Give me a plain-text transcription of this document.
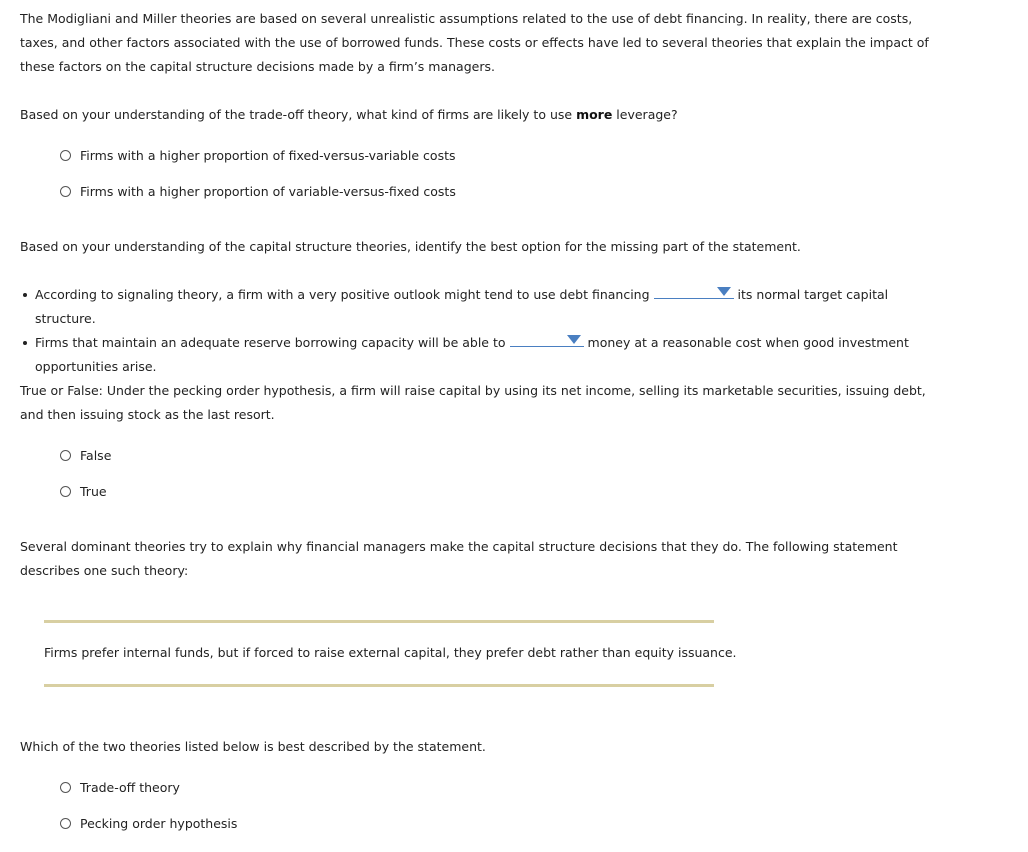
The Modigliani and Miller theories are based on several unrealistic assumptions related to the use of debt financing. In reality, there are costs, taxes, and other factors associated with the use of borrowed funds. These costs or effects have led to several theories that explain the impact of these factors on the capital structure decisions made by a firm’s managers.
Based on your understanding of the trade-off theory, what kind of firms are likely to use more leverage?
Firms with a higher proportion of fixed-versus-variable costs
Firms with a higher proportion of variable-versus-fixed costs
Based on your understanding of the capital structure theories, identify the best option for the missing part of the statement.
According to signaling theory, a firm with a very positive outlook might tend to use debt financing	its normal target capital structure.
Firms that maintain an adequate reserve borrowing capacity will be able to	money at a reasonable cost when good investment opportunities arise.
True or False: Under the pecking order hypothesis, a firm will raise capital by using its net income, selling its marketable securities, issuing debt, and then issuing stock as the last resort.
False
True
Several dominant theories try to explain why financial managers make the capital structure decisions that they do. The following statement describes one such theory:
Firms prefer internal funds, but if forced to raise external capital, they prefer debt rather than equity issuance.
Which of the two theories listed below is best described by the statement.
Trade-off theory
Pecking order hypothesis
